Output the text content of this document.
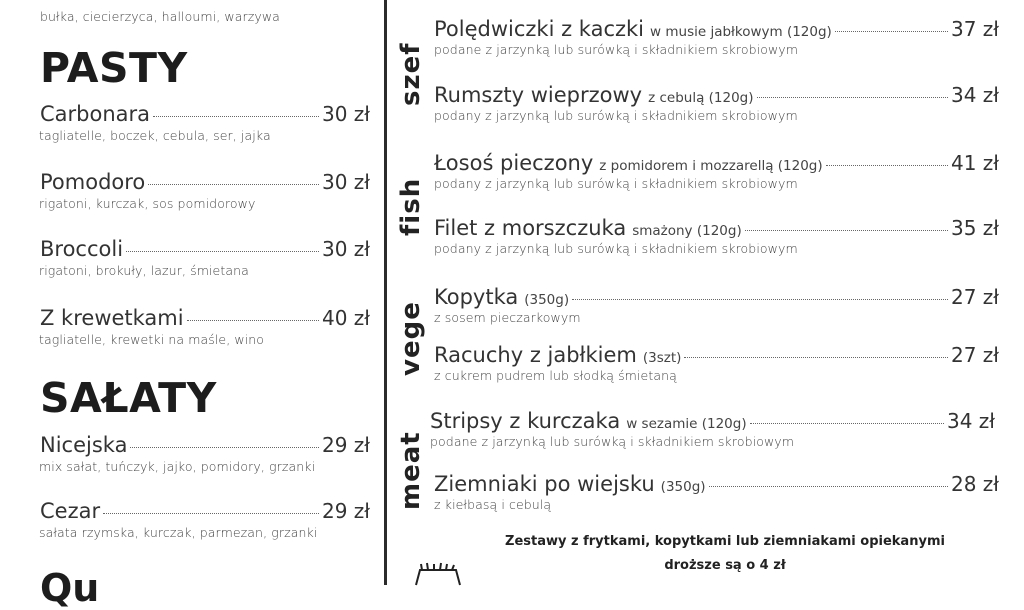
bułka, ciecierzyca, halloumi, warzywa
PASTY
Carbonara	30 zł
tagliatelle, boczek, cebula, ser, jajka
Pomodoro	30 zł
rigatoni, kurczak, sos pomidorowy
Broccoli	30 zł
rigatoni, brokuły, lazur, śmietana
Z krewetkami	40 zł
tagliatelle, krewetki na maśle, wino
SAŁATY
Nicejska	29 zł
mix sałat, tuńczyk, jajko, pomidory, grzanki
Cezar	29 zł
sałata rzymska, kurczak, parmezan, grzanki
Qu
szef
fish
vege
meat
Polędwiczki z kaczki w musie jabłkowym (120g)	37 zł
podane z jarzynką lub surówką i składnikiem skrobiowym
Rumszty wieprzowy z cebulą (120g)	34 zł
podany z jarzynką lub surówką i składnikiem skrobiowym
Łosoś pieczony z pomidorem i mozzarellą (120g)	41 zł
podany z jarzynką lub surówką i składnikiem skrobiowym
Filet z morszczuka smażony (120g)	35 zł
podany z jarzynką lub surówką i składnikiem skrobiowym
Kopytka (350g)	27 zł
z sosem pieczarkowym
Racuchy z jabłkiem (3szt)	27 zł
z cukrem pudrem lub słodką śmietaną
Stripsy z kurczaka w sezamie (120g)	34 zł
podane z jarzynką lub surówką i składnikiem skrobiowym
Ziemniaki po wiejsku (350g)	28 zł
z kiełbasą i cebulą
Zestawy z frytkami, kopytkami lub ziemniakami opiekanymi
droższe są o 4 zł
